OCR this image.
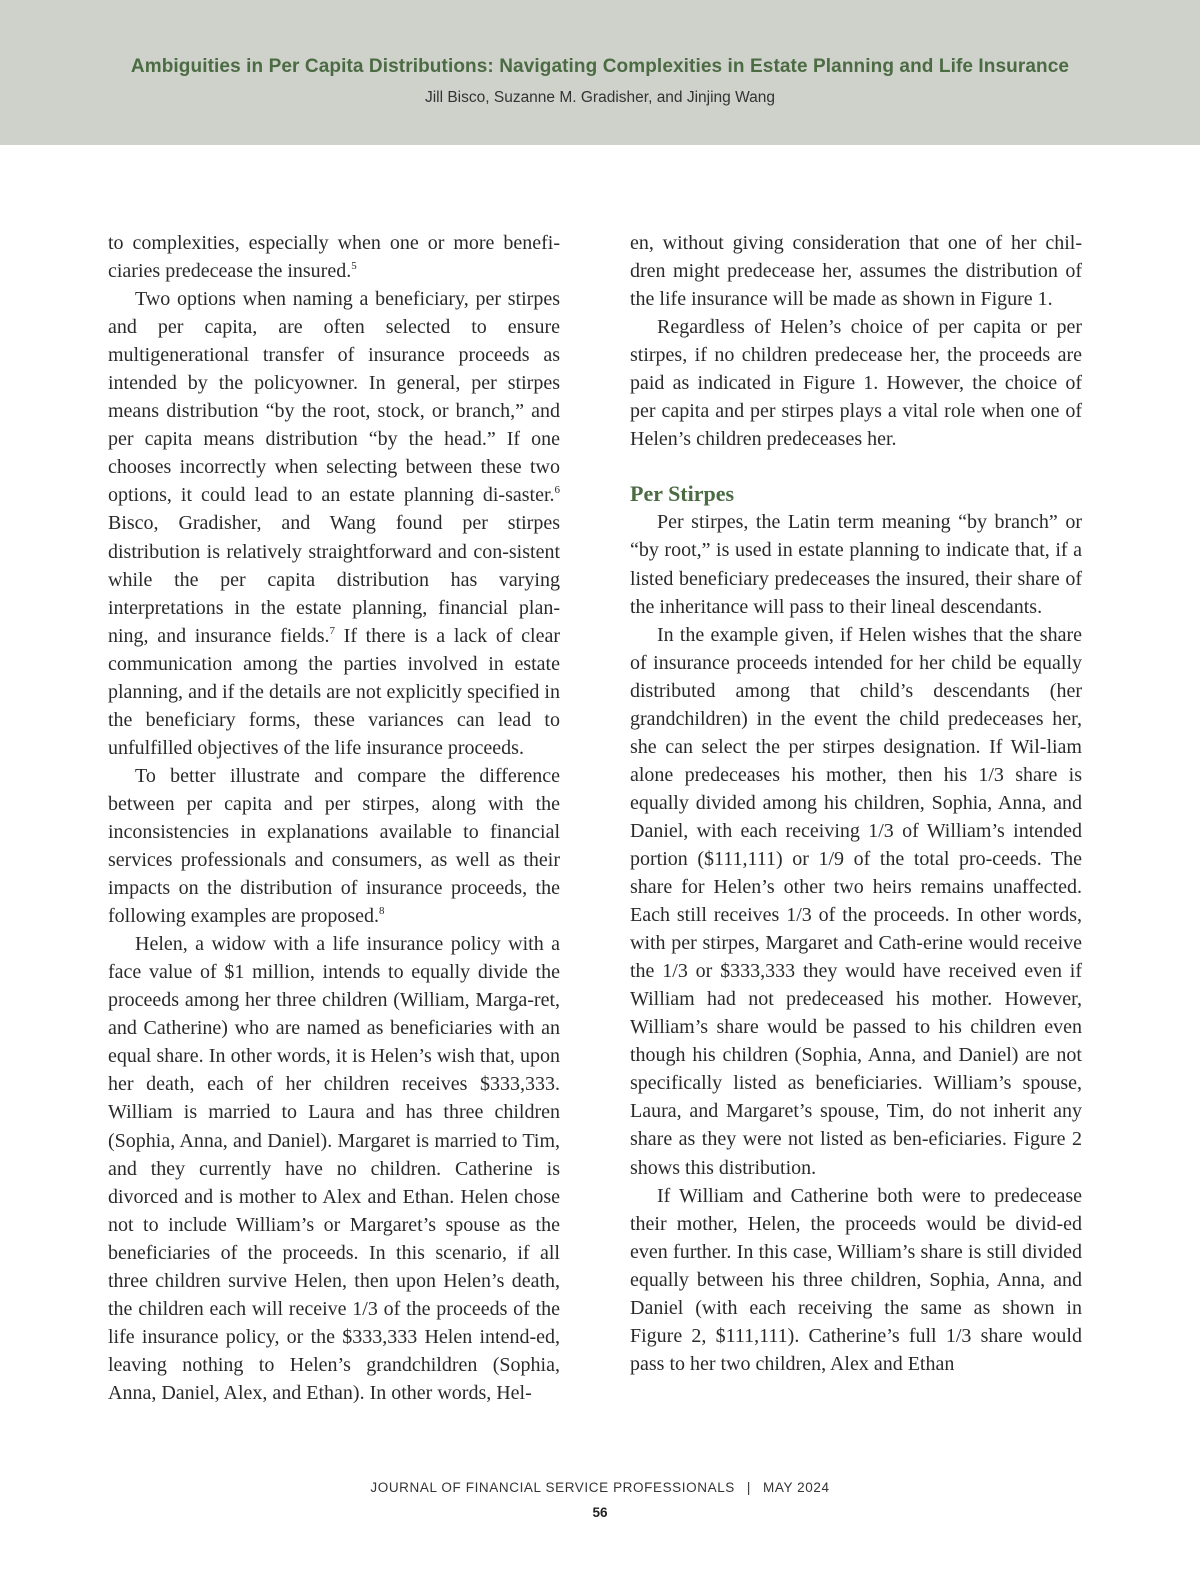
Ambiguities in Per Capita Distributions: Navigating Complexities in Estate Planning and Life Insurance
Jill Bisco, Suzanne M. Gradisher, and Jinjing Wang

to complexities, especially when one or more benefi-ciaries predecease the insured.$^5$

Two options when naming a beneficiary, per stirpes and per capita, are often selected to ensure multigenerational transfer of insurance proceeds as intended by the policyowner. In general, per stirpes means distribution “by the root, stock, or branch,” and per capita means distribution “by the head.” If one chooses incorrectly when selecting between these two options, it could lead to an estate planning di-saster.$^6$ Bisco, Gradisher, and Wang found per stirpes distribution is relatively straightforward and con-sistent while the per capita distribution has varying interpretations in the estate planning, financial plan-ning, and insurance fields.$^7$ If there is a lack of clear communication among the parties involved in estate planning, and if the details are not explicitly specified in the beneficiary forms, these variances can lead to unfulfilled objectives of the life insurance proceeds.

To better illustrate and compare the difference between per capita and per stirpes, along with the inconsistencies in explanations available to financial services professionals and consumers, as well as their impacts on the distribution of insurance proceeds, the following examples are proposed.$^8$

Helen, a widow with a life insurance policy with a face value of $1 million, intends to equally divide the proceeds among her three children (William, Marga-ret, and Catherine) who are named as beneficiaries with an equal share. In other words, it is Helen’s wish that, upon her death, each of her children receives $333,333. William is married to Laura and has three children (Sophia, Anna, and Daniel). Margaret is married to Tim, and they currently have no children. Catherine is divorced and is mother to Alex and Ethan. Helen chose not to include William’s or Margaret’s spouse as the beneficiaries of the proceeds. In this scenario, if all three children survive Helen, then upon Helen’s death, the children each will receive 1/3 of the proceeds of the life insurance policy, or the $333,333 Helen intend-ed, leaving nothing to Helen’s grandchildren (Sophia, Anna, Daniel, Alex, and Ethan). In other words, Hel-

en, without giving consideration that one of her chil-dren might predecease her, assumes the distribution of the life insurance will be made as shown in Figure 1.

Regardless of Helen’s choice of per capita or per stirpes, if no children predecease her, the proceeds are paid as indicated in Figure 1. However, the choice of per capita and per stirpes plays a vital role when one of Helen’s children predeceases her.

Per Stirpes

Per stirpes, the Latin term meaning “by branch” or “by root,” is used in estate planning to indicate that, if a listed beneficiary predeceases the insured, their share of the inheritance will pass to their lineal descendants.

In the example given, if Helen wishes that the share of insurance proceeds intended for her child be equally distributed among that child’s descendants (her grandchildren) in the event the child predeceases her, she can select the per stirpes designation. If Wil-liam alone predeceases his mother, then his 1/3 share is equally divided among his children, Sophia, Anna, and Daniel, with each receiving 1/3 of William’s intended portion ($111,111) or 1/9 of the total pro-ceeds. The share for Helen’s other two heirs remains unaffected. Each still receives 1/3 of the proceeds. In other words, with per stirpes, Margaret and Cath-erine would receive the 1/3 or $333,333 they would have received even if William had not predeceased his mother. However, William’s share would be passed to his children even though his children (Sophia, Anna, and Daniel) are not specifically listed as beneficiaries. William’s spouse, Laura, and Margaret’s spouse, Tim, do not inherit any share as they were not listed as ben-eficiaries. Figure 2 shows this distribution.

If William and Catherine both were to predecease their mother, Helen, the proceeds would be divid-ed even further. In this case, William’s share is still divided equally between his three children, Sophia, Anna, and Daniel (with each receiving the same as shown in Figure 2, $111,111). Catherine’s full 1/3 share would pass to her two children, Alex and Ethan

JOURNAL OF FINANCIAL SERVICE PROFESSIONALS | MAY 2024
56
